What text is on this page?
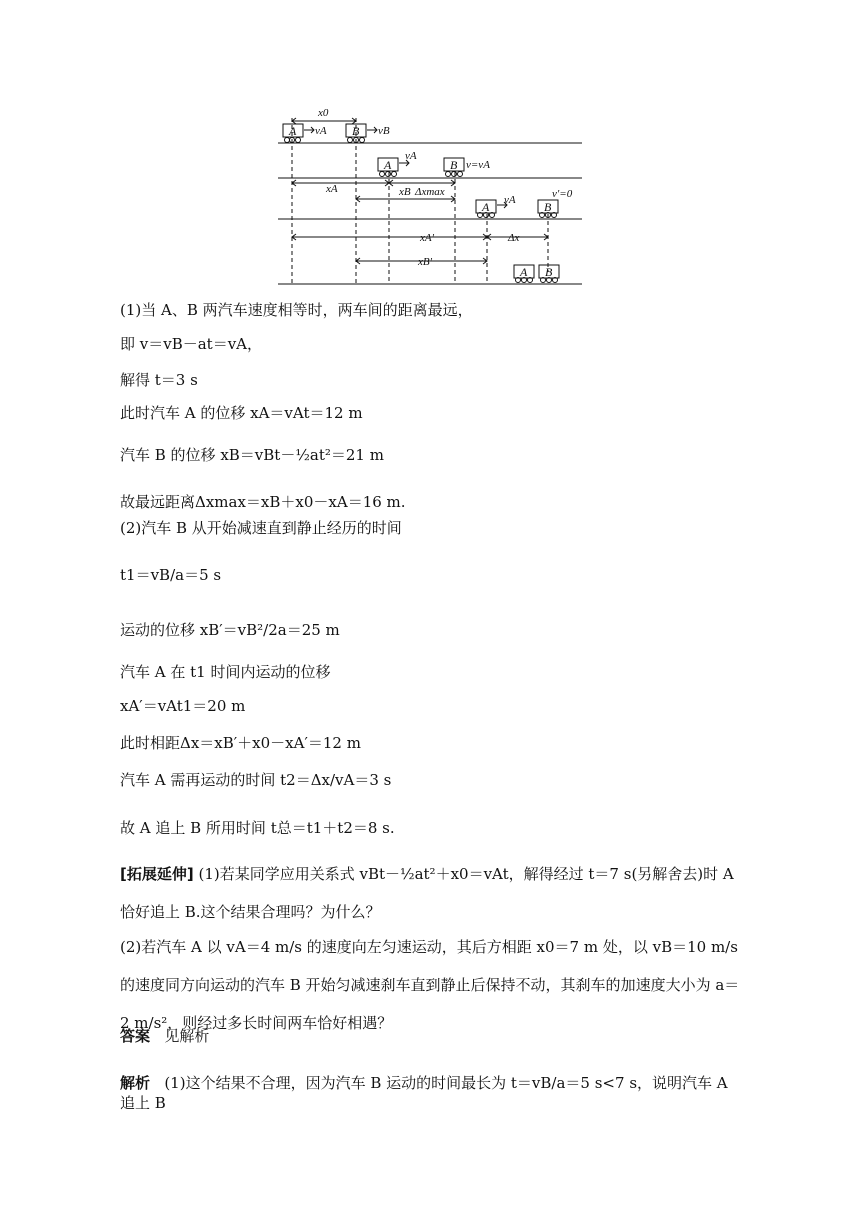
x0
vA	vB
vA
v=vA
xA	xB Δxmax
vA	v′=0
xA′	Δx
xB′
A	B
A	B
A	B
A B
(1)当 A、B 两汽车速度相等时，两车间的距离最远，
即 v＝vB－at＝vA，
解得 t＝3 s
此时汽车 A 的位移 xA＝vAt＝12 m
汽车 B 的位移 xB＝vBt－½at²＝21 m
故最远距离Δxmax＝xB＋x0－xA＝16 m.
(2)汽车 B 从开始减速直到静止经历的时间
t1＝vB/a＝5 s
运动的位移 xB′＝vB²/2a＝25 m
汽车 A 在 t1 时间内运动的位移
xA′＝vAt1＝20 m
此时相距Δx＝xB′＋x0－xA′＝12 m
汽车 A 需再运动的时间 t2＝Δx/vA＝3 s
故 A 追上 B 所用时间 t总＝t1＋t2＝8 s.
[拓展延伸] (1)若某同学应用关系式 vBt－½at²＋x0＝vAt，解得经过 t＝7 s(另解舍去)时 A 恰好追上 B.这个结果合理吗？为什么？
(2)若汽车 A 以 vA＝4 m/s 的速度向左匀速运动，其后方相距 x0＝7 m 处，以 vB＝10 m/s 的速度同方向运动的汽车 B 开始匀减速刹车直到静止后保持不动，其刹车的加速度大小为 a＝2 m/s²，则经过多长时间两车恰好相遇？
答案 见解析
解析 (1)这个结果不合理，因为汽车 B 运动的时间最长为 t＝vB/a＝5 s<7 s，说明汽车 A 追上 B
